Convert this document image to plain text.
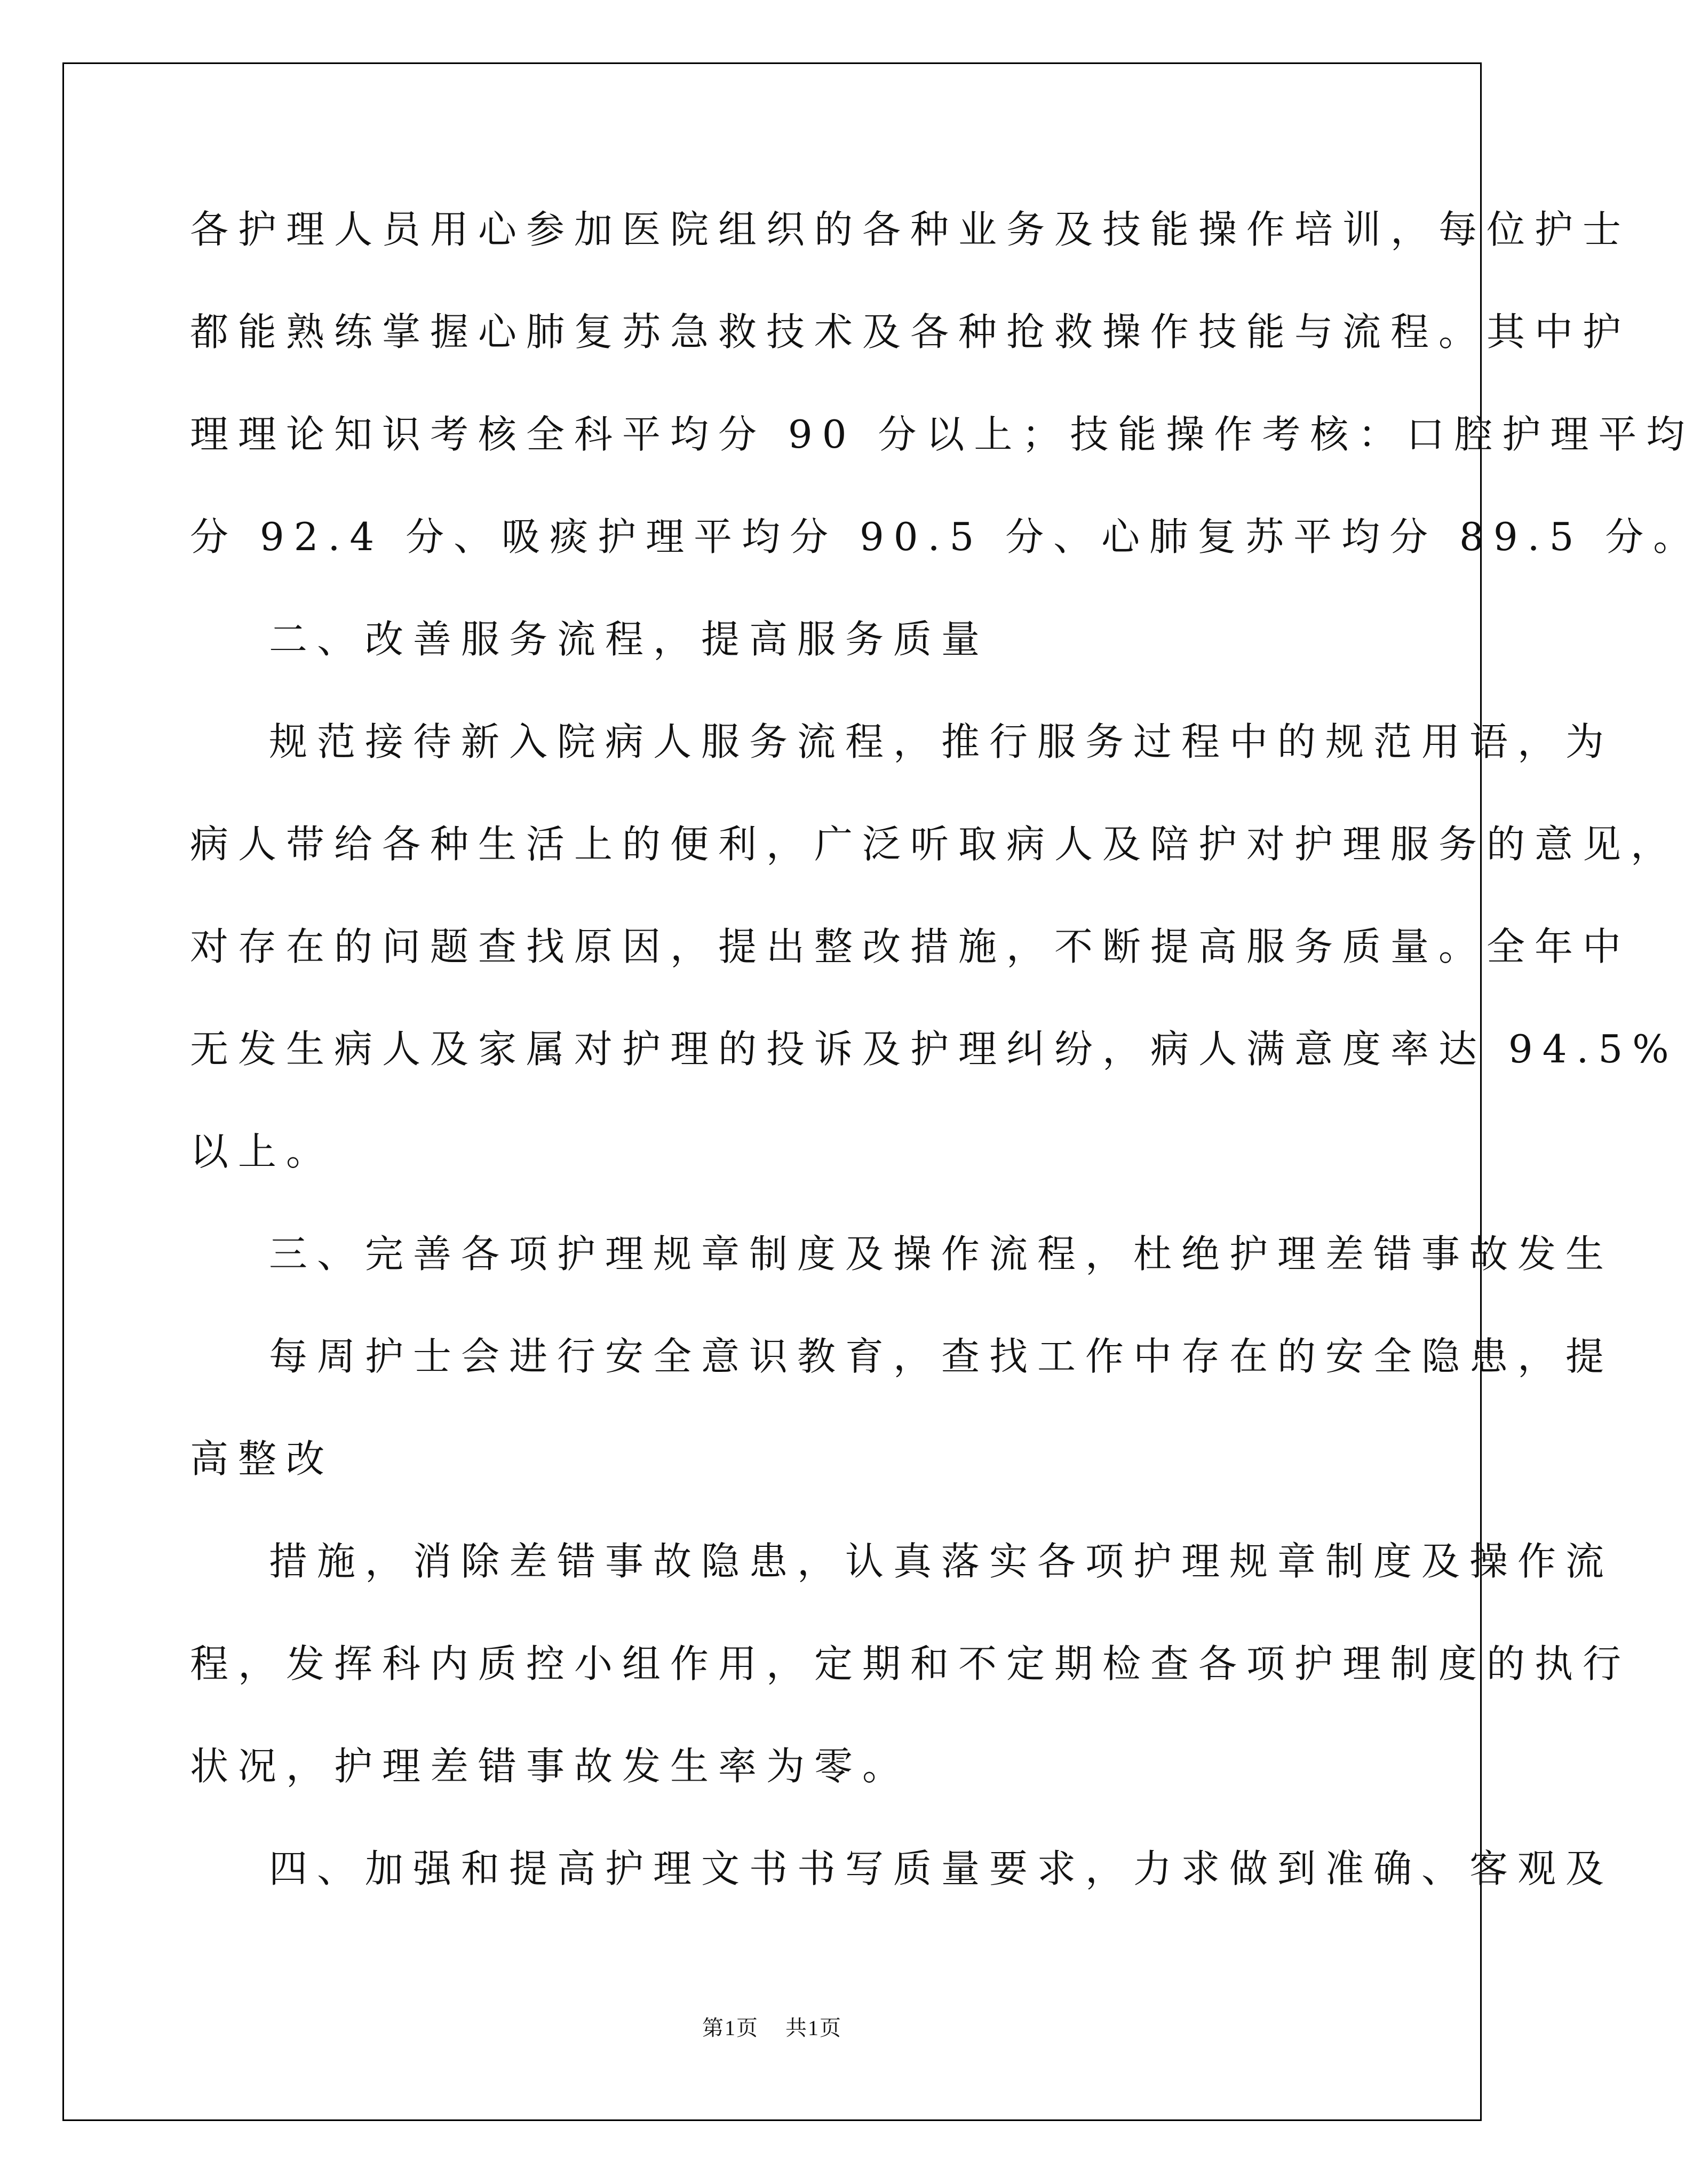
各护理人员用心参加医院组织的各种业务及技能操作培训，每位护士
都能熟练掌握心肺复苏急救技术及各种抢救操作技能与流程。其中护
理理论知识考核全科平均分 90 分以上；技能操作考核：口腔护理平均
分 92.4 分、吸痰护理平均分 90.5 分、心肺复苏平均分 89.5 分。
二、改善服务流程，提高服务质量
规范接待新入院病人服务流程，推行服务过程中的规范用语，为
病人带给各种生活上的便利，广泛听取病人及陪护对护理服务的意见，
对存在的问题查找原因，提出整改措施，不断提高服务质量。全年中
无发生病人及家属对护理的投诉及护理纠纷，病人满意度率达 94.5%
以上。
三、完善各项护理规章制度及操作流程，杜绝护理差错事故发生
每周护士会进行安全意识教育，查找工作中存在的安全隐患，提
高整改
措施，消除差错事故隐患，认真落实各项护理规章制度及操作流
程，发挥科内质控小组作用，定期和不定期检查各项护理制度的执行
状况，护理差错事故发生率为零。
四、加强和提高护理文书书写质量要求，力求做到准确、客观及
第1页 共1页
